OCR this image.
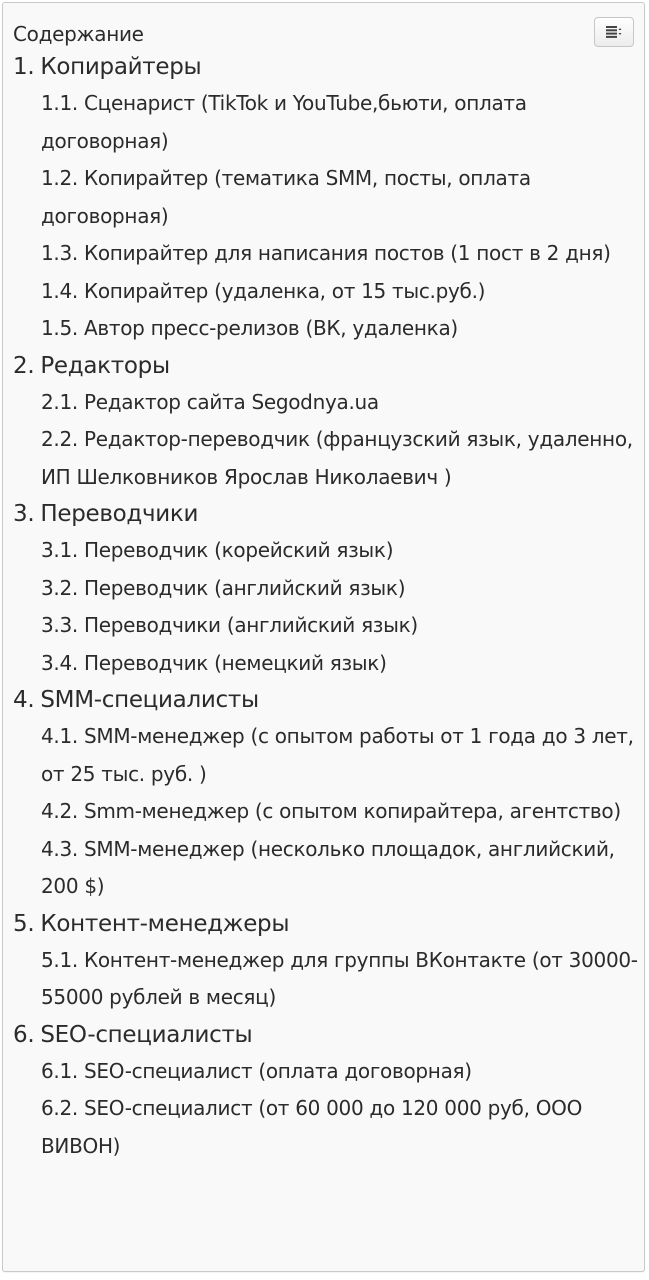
Содержание
1. Копирайтеры
1.1. Сценарист (TikTok и YouTube,бьюти, оплата договорная)
1.2. Копирайтер (тематика SMM, посты, оплата договорная)
1.3. Копирайтер для написания постов (1 пост в 2 дня)
1.4. Копирайтер (удаленка, от 15 тыс.руб.)
1.5. Автор пресс-релизов (ВК, удаленка)
2. Редакторы
2.1. Редактор сайта Segodnya.ua
2.2. Редактор-переводчик (французский язык, удаленно, ИП Шелковников Ярослав Николаевич )
3. Переводчики
3.1. Переводчик (корейский язык)
3.2. Переводчик (английский язык)
3.3. Переводчики (английский язык)
3.4. Переводчик (немецкий язык)
4. SMM-специалисты
4.1. SMM-менеджер (с опытом работы от 1 года до 3 лет, от 25 тыс. руб. )
4.2. Smm-менеджер (с опытом копирайтера, агентство)
4.3. SMM-менеджер (несколько площадок, английский, 200 $)
5. Контент-менеджеры
5.1. Контент-менеджер для группы ВКонтакте (от 30000-55000 рублей в месяц)
6. SEO-специалисты
6.1. SEO-специалист (оплата договорная)
6.2. SEO-специалист (от 60 000 до 120 000 руб, ООО ВИВОН)
